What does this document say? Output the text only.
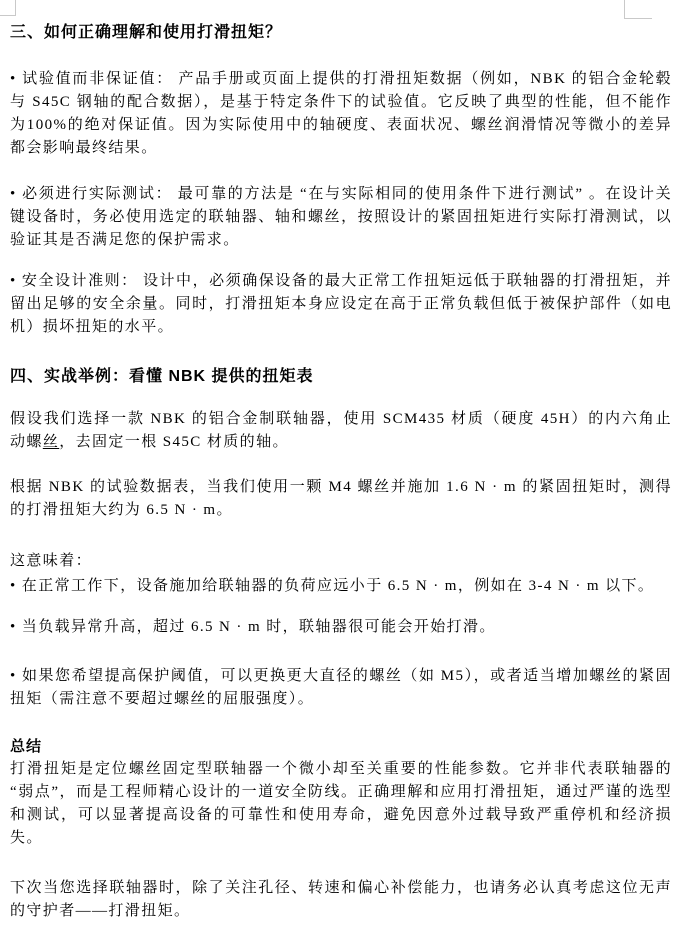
三、如何正确理解和使用打滑扭矩？

• 试验值而非保证值： 产品手册或页面上提供的打滑扭矩数据（例如，NBK 的铝合金轮毂与 S45C 钢轴的配合数据），是基于特定条件下的试验值。它反映了典型的性能，但不能作为100%的绝对保证值。因为实际使用中的轴硬度、表面状况、螺丝润滑情况等微小的差异都会影响最终结果。

• 必须进行实际测试： 最可靠的方法是 “在与实际相同的使用条件下进行测试” 。在设计关键设备时，务必使用选定的联轴器、轴和螺丝，按照设计的紧固扭矩进行实际打滑测试，以验证其是否满足您的保护需求。

• 安全设计准则： 设计中，必须确保设备的最大正常工作扭矩远低于联轴器的打滑扭矩，并留出足够的安全余量。同时，打滑扭矩本身应设定在高于正常负载但低于被保护部件（如电机）损坏扭矩的水平。

四、实战举例：看懂 NBK 提供的扭矩表

假设我们选择一款 NBK 的铝合金制联轴器，使用 SCM435 材质（硬度 45H）的内六角止动螺丝，去固定一根 S45C 材质的轴。

根据 NBK 的试验数据表，当我们使用一颗 M4 螺丝并施加 1.6 N · m 的紧固扭矩时，测得的打滑扭矩大约为 6.5 N · m。

这意味着：

• 在正常工作下，设备施加给联轴器的负荷应远小于 6.5 N · m，例如在 3-4 N · m 以下。

• 当负载异常升高，超过 6.5 N · m 时，联轴器很可能会开始打滑。

• 如果您希望提高保护阈值，可以更换更大直径的螺丝（如 M5），或者适当增加螺丝的紧固扭矩（需注意不要超过螺丝的屈服强度）。

总结

打滑扭矩是定位螺丝固定型联轴器一个微小却至关重要的性能参数。它并非代表联轴器的“弱点”，而是工程师精心设计的一道安全防线。正确理解和应用打滑扭矩，通过严谨的选型和测试，可以显著提高设备的可靠性和使用寿命，避免因意外过载导致严重停机和经济损失。

下次当您选择联轴器时，除了关注孔径、转速和偏心补偿能力，也请务必认真考虑这位无声的守护者——打滑扭矩。
